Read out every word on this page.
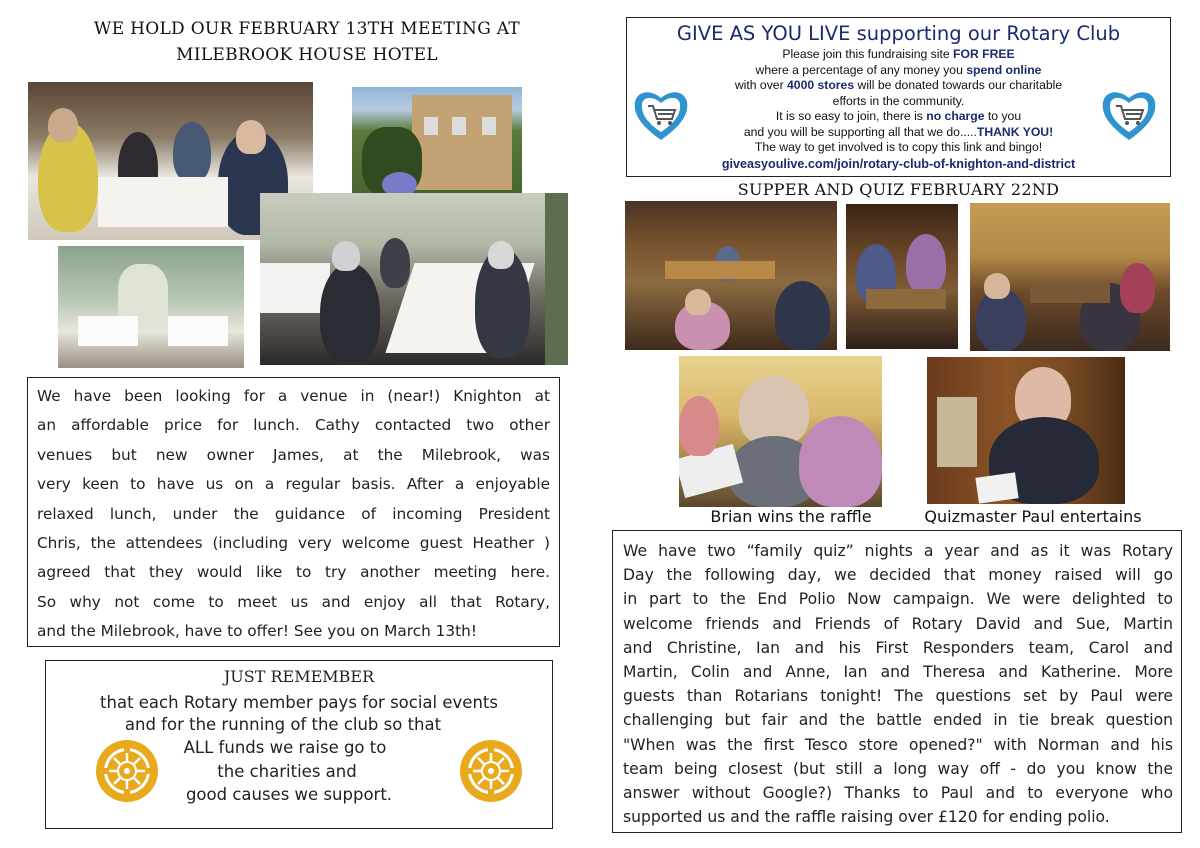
WE HOLD OUR FEBRUARY 13TH MEETING AT
MILEBROOK HOUSE HOTEL
We have been looking for a venue in (near!) Knighton at
an affordable price for lunch. Cathy contacted two other
venues but new owner James, at the Milebrook, was
very keen to have us on a regular basis. After a enjoyable
relaxed lunch, under the guidance of incoming President
Chris, the attendees (including very welcome guest Heather )
agreed that they would like to try another meeting here.
So why not come to meet us and enjoy all that Rotary,
and the Milebrook, have to offer! See you on March 13th!
JUST REMEMBER
that each Rotary member pays for social events
and for the running of the club so that
ALL funds we raise go to
the charities and
good causes we support.
GIVE AS YOU LIVE supporting our Rotary Club
Please join this fundraising site FOR FREE
where a percentage of any money you spend online
with over 4000 stores will be donated towards our charitable
efforts in the community.
It is so easy to join, there is no charge to you
and you will be supporting all that we do.....THANK YOU!
The way to get involved is to copy this link and bingo!
giveasyoulive.com/join/rotary-club-of-knighton-and-district
SUPPER AND QUIZ FEBRUARY 22ND
Brian wins the raffle	Quizmaster Paul entertains
We have two “family quiz” nights a year and as it was Rotary
Day the following day, we decided that money raised will go
in part to the End Polio Now campaign. We were delighted to
welcome friends and Friends of Rotary David and Sue, Martin
and Christine, Ian and his First Responders team, Carol and
Martin, Colin and Anne, Ian and Theresa and Katherine. More
guests than Rotarians tonight! The questions set by Paul were
challenging but fair and the battle ended in tie break question
"When was the first Tesco store opened?" with Norman and his
team being closest (but still a long way off - do you know the
answer without Google?) Thanks to Paul and to everyone who
supported us and the raffle raising over £120 for ending polio.
